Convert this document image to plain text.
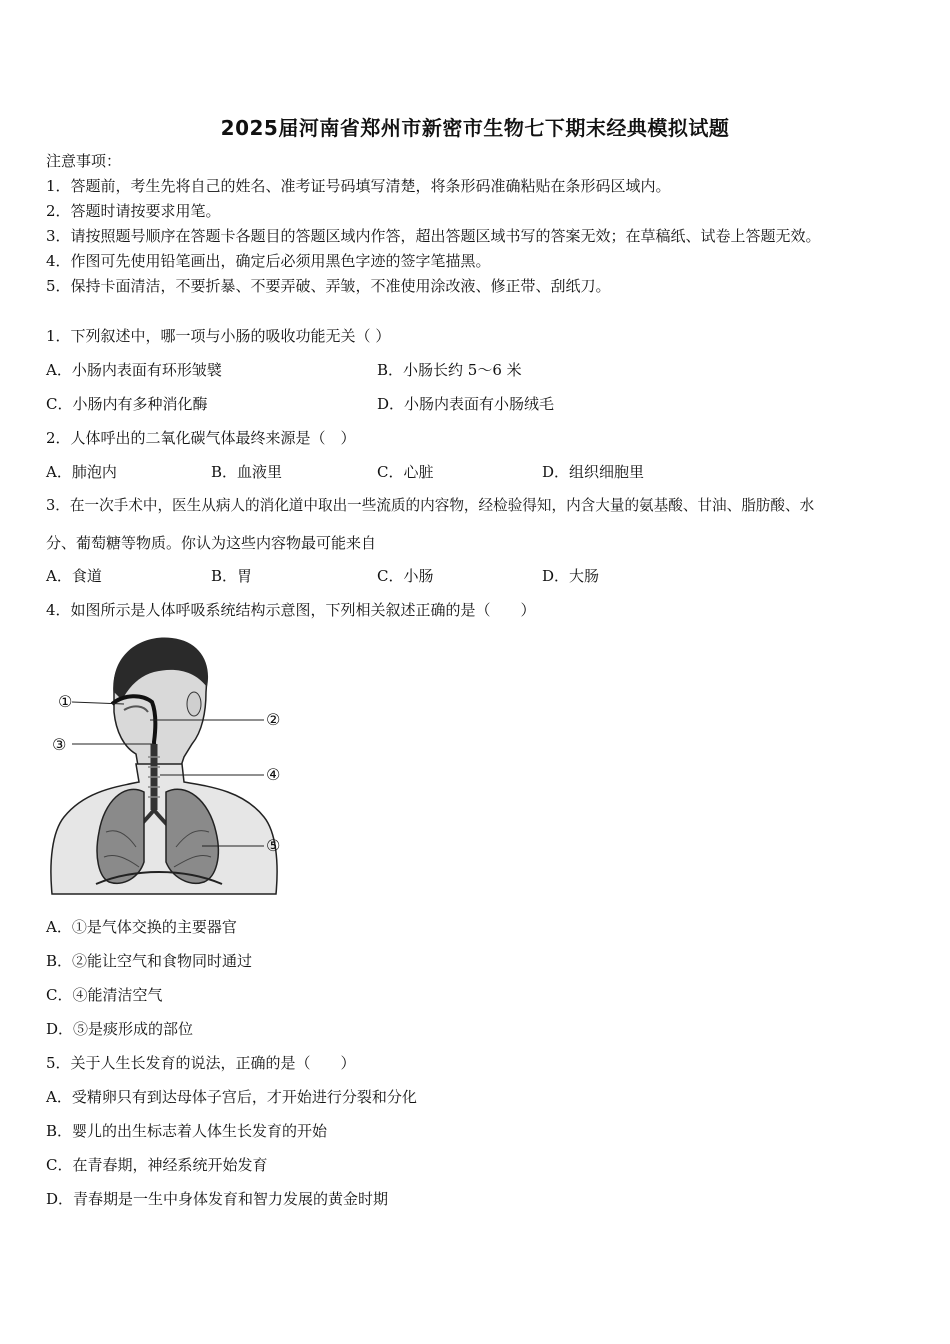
2025届河南省郑州市新密市生物七下期末经典模拟试题
注意事项：
1．答题前，考生先将自己的姓名、准考证号码填写清楚，将条形码准确粘贴在条形码区域内。
2．答题时请按要求用笔。
3．请按照题号顺序在答题卡各题目的答题区域内作答，超出答题区域书写的答案无效；在草稿纸、试卷上答题无效。
4．作图可先使用铅笔画出，确定后必须用黑色字迹的签字笔描黑。
5．保持卡面清洁，不要折暴、不要弄破、弄皱，不准使用涂改液、修正带、刮纸刀。
1．下列叙述中，哪一项与小肠的吸收功能无关（ ）
A．小肠内表面有环形皱襞	B．小肠长约 5～6 米
C．小肠内有多种消化酶	D．小肠内表面有小肠绒毛
2．人体呼出的二氧化碳气体最终来源是（　）
A．肺泡内	B．血液里	C．心脏	D．组织细胞里
3．在一次手术中，医生从病人的消化道中取出一些流质的内容物，经检验得知，内含大量的氨基酸、甘油、脂肪酸、水
分、葡萄糖等物质。你认为这些内容物最可能来自
A．食道	B．胃	C．小肠	D．大肠
4．如图所示是人体呼吸系统结构示意图，下列相关叙述正确的是（　　）
①
②
③
④
⑤
A．①是气体交换的主要器官
B．②能让空气和食物同时通过
C．④能清洁空气
D．⑤是痰形成的部位
5．关于人生长发育的说法，正确的是（　　）
A．受精卵只有到达母体子宫后，才开始进行分裂和分化
B．婴儿的出生标志着人体生长发育的开始
C．在青春期，神经系统开始发育
D．青春期是一生中身体发育和智力发展的黄金时期
